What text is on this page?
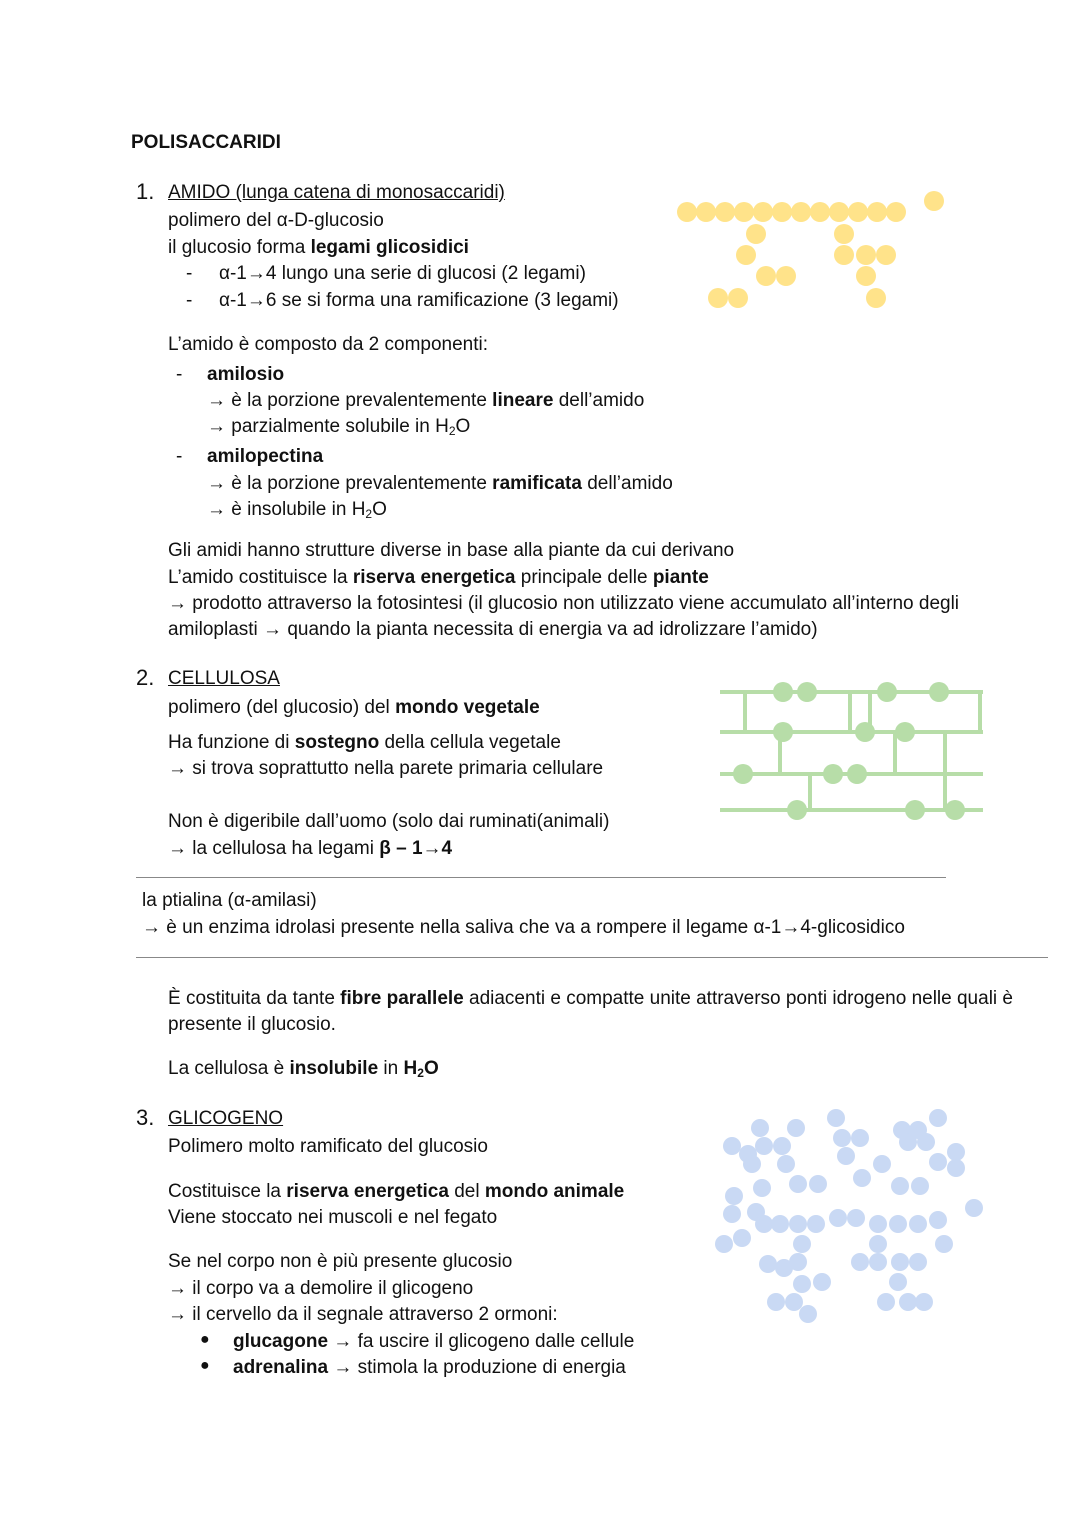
POLISACCARIDI
1. AMIDO (lunga catena di monosaccaridi)
polimero del α-D-glucosio
il glucosio forma legami glicosidici
- α-1→4 lungo una serie di glucosi (2 legami)
- α-1→6 se si forma una ramificazione (3 legami)
L’amido è composto da 2 componenti:
- amilosio
→ è la porzione prevalentemente lineare dell’amido
→ parzialmente solubile in $H_2O$
- amilopectina
→ è la porzione prevalentemente ramificata dell’amido
→ è insolubile in $H_2O$
Gli amidi hanno strutture diverse in base alla piante da cui derivano
L’amido costituisce la riserva energetica principale delle piante
→ prodotto attraverso la fotosintesi (il glucosio non utilizzato viene accumulato all’interno degli
amiloplasti → quando la pianta necessita di energia va ad idrolizzare l’amido)
2. CELLULOSA
polimero (del glucosio) del mondo vegetale
Ha funzione di sostegno della cellula vegetale
→ si trova soprattutto nella parete primaria cellulare
Non è digeribile dall’uomo (solo dai ruminati(animali)
→ la cellulosa ha legami β – 1→4
la ptialina (α-amilasi)
→ è un enzima idrolasi presente nella saliva che va a rompere il legame α-1→4-glicosidico
È costituita da tante fibre parallele adiacenti e compatte unite attraverso ponti idrogeno nelle quali è
presente il glucosio.
La cellulosa è insolubile in $H_2O$
3. GLICOGENO
Polimero molto ramificato del glucosio
Costituisce la riserva energetica del mondo animale
Viene stoccato nei muscoli e nel fegato
Se nel corpo non è più presente glucosio
→ il corpo va a demolire il glicogeno
→ il cervello da il segnale attraverso 2 ormoni:
● glucagone → fa uscire il glicogeno dalle cellule
● adrenalina → stimola la produzione di energia
